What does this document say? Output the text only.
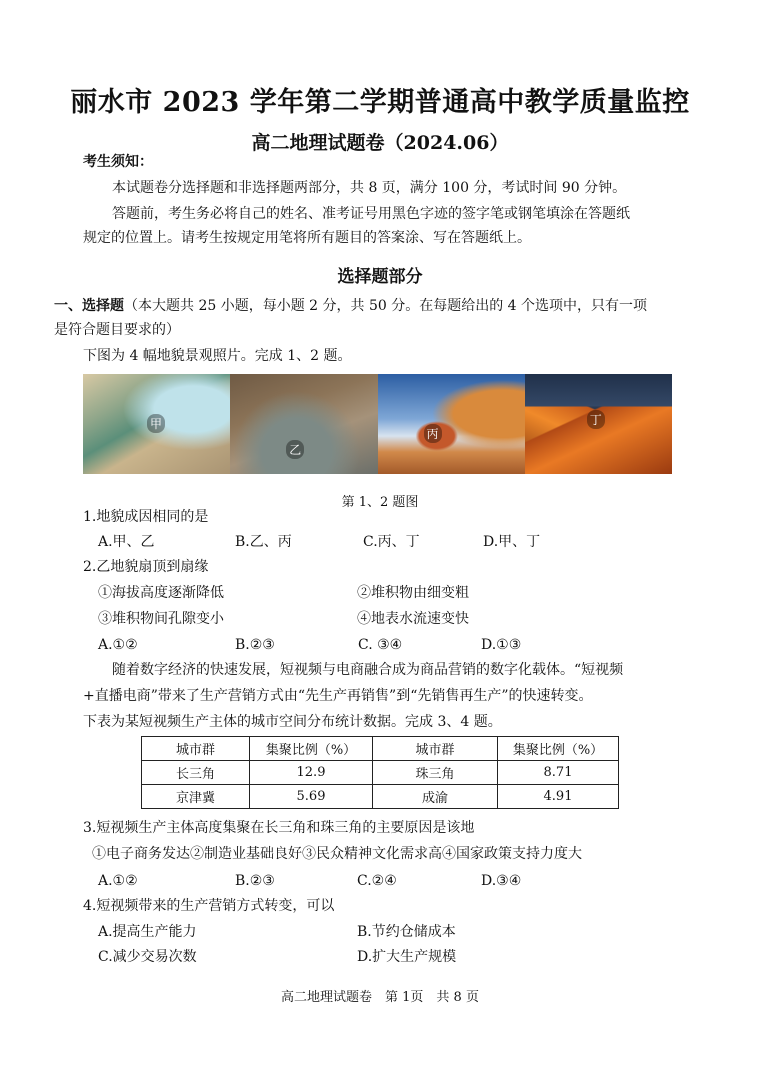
丽水市 2023 学年第二学期普通高中教学质量监控
高二地理试题卷（2024.06）
考生须知：
本试题卷分选择题和非选择题两部分，共 8 页，满分 100 分，考试时间 90 分钟。
答题前，考生务必将自己的姓名、准考证号用黑色字迹的签字笔或钢笔填涂在答题纸
规定的位置上。请考生按规定用笔将所有题目的答案涂、写在答题纸上。
选择题部分
一、选择题（本大题共 25 小题，每小题 2 分，共 50 分。在每题给出的 4 个选项中，只有一项
是符合题目要求的）
下图为 4 幅地貌景观照片。完成 1、2 题。
甲
乙
丙
丁
第 1、2 题图
1.地貌成因相同的是
A.甲、乙	B.乙、丙	C.丙、丁	D.甲、丁
2.乙地貌扇顶到扇缘
①海拔高度逐渐降低	②堆积物由细变粗
③堆积物间孔隙变小	④地表水流速变快
A.①②	B.②③	C. ③④	D.①③
随着数字经济的快速发展，短视频与电商融合成为商品营销的数字化载体。“短视频
+直播电商”带来了生产营销方式由“先生产再销售”到“先销售再生产”的快速转变。
下表为某短视频生产主体的城市空间分布统计数据。完成 3、4 题。
城市群	集聚比例（%）	城市群	集聚比例（%）
长三角	12.9	珠三角	8.71
京津冀	5.69	成渝	4.91
3.短视频生产主体高度集聚在长三角和珠三角的主要原因是该地
①电子商务发达②制造业基础良好③民众精神文化需求高④国家政策支持力度大
A.①②	B.②③	C.②④	D.③④
4.短视频带来的生产营销方式转变，可以
A.提高生产能力	B.节约仓储成本
C.减少交易次数	D.扩大生产规模
高二地理试题卷　第 1页　共 8 页
